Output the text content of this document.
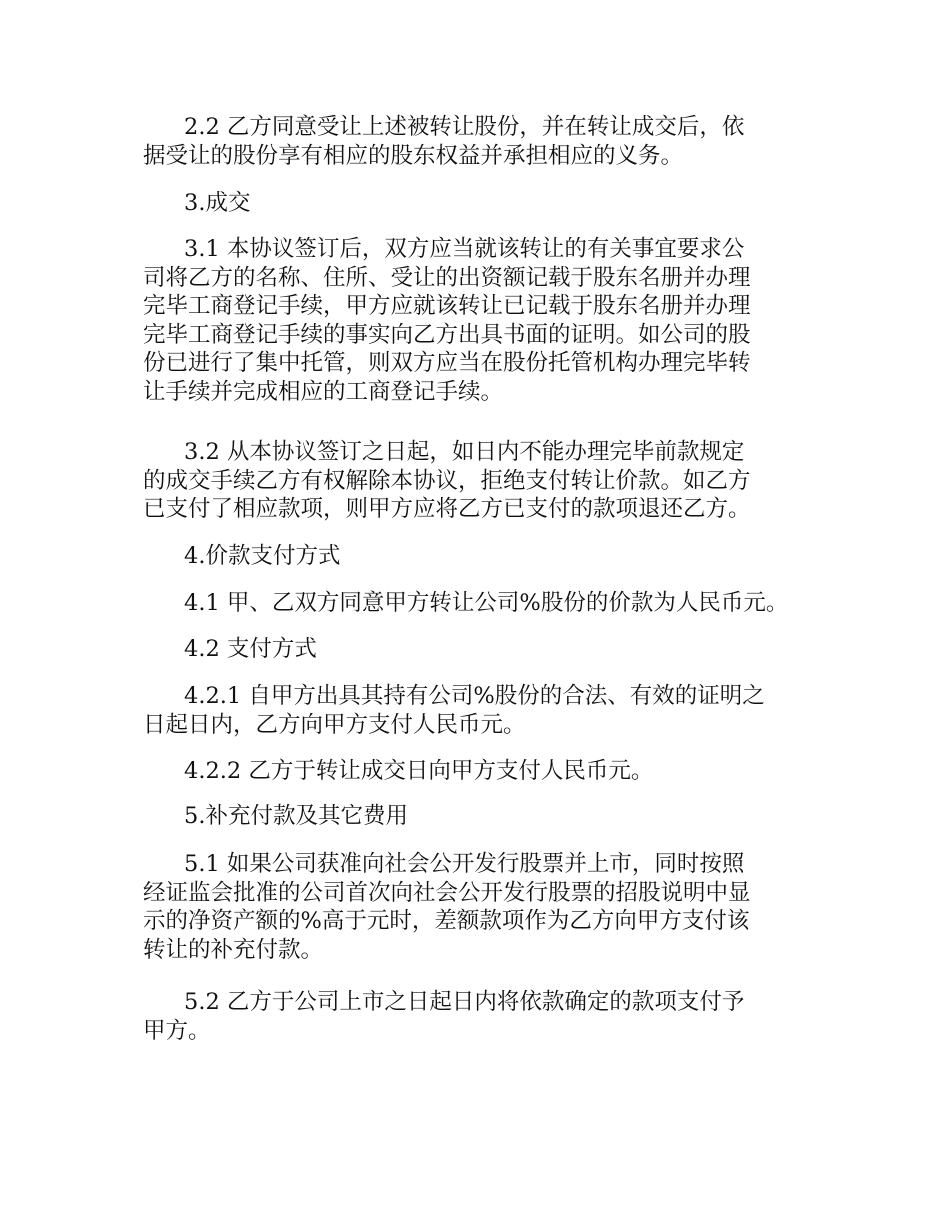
2.2 乙方同意受让上述被转让股份，并在转让成交后，依
据受让的股份享有相应的股东权益并承担相应的义务。

3.成交

3.1 本协议签订后，双方应当就该转让的有关事宜要求公
司将乙方的名称、住所、受让的出资额记载于股东名册并办理
完毕工商登记手续，甲方应就该转让已记载于股东名册并办理
完毕工商登记手续的事实向乙方出具书面的证明。如公司的股
份已进行了集中托管，则双方应当在股份托管机构办理完毕转
让手续并完成相应的工商登记手续。

3.2 从本协议签订之日起，如日内不能办理完毕前款规定
的成交手续乙方有权解除本协议，拒绝支付转让价款。如乙方
已支付了相应款项，则甲方应将乙方已支付的款项退还乙方。

4.价款支付方式

4.1 甲、乙双方同意甲方转让公司%股份的价款为人民币元。

4.2 支付方式

4.2.1 自甲方出具其持有公司%股份的合法、有效的证明之
日起日内，乙方向甲方支付人民币元。

4.2.2 乙方于转让成交日向甲方支付人民币元。

5.补充付款及其它费用

5.1 如果公司获准向社会公开发行股票并上市，同时按照
经证监会批准的公司首次向社会公开发行股票的招股说明中显
示的净资产额的%高于元时，差额款项作为乙方向甲方支付该
转让的补充付款。

5.2 乙方于公司上市之日起日内将依款确定的款项支付予
甲方。
